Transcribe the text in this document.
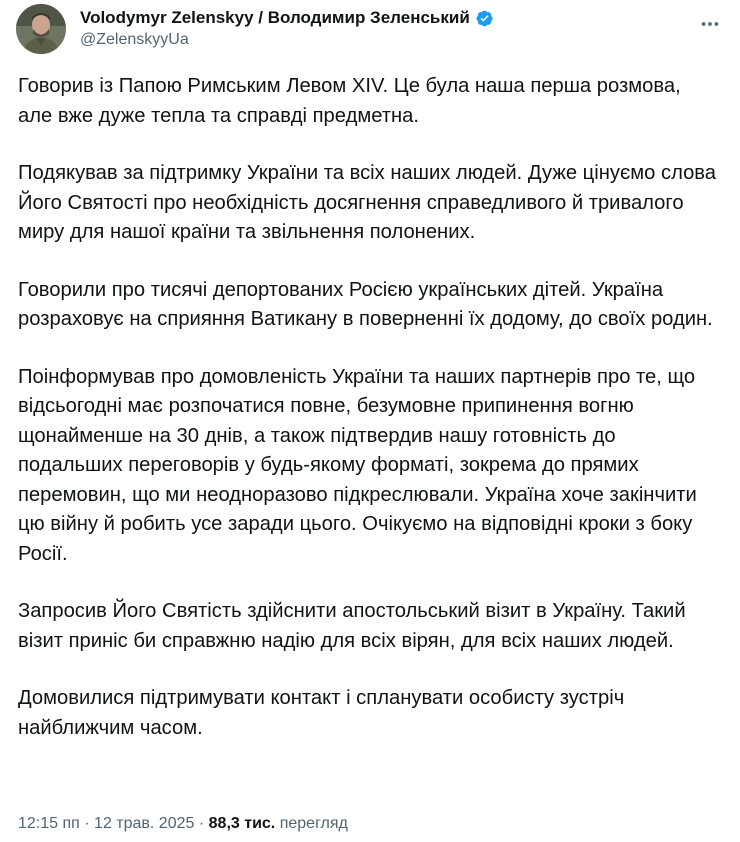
Volodymyr Zelenskyy / Володимир Зеленський
@ZelenskyyUa

Говорив із Папою Римським Левом XIV. Це була наша перша розмова, але вже дуже тепла та справді предметна.

Подякував за підтримку України та всіх наших людей. Дуже цінуємо слова Його Святості про необхідність досягнення справедливого й тривалого миру для нашої країни та звільнення полонених.

Говорили про тисячі депортованих Росією українських дітей. Україна розраховує на сприяння Ватикану в поверненні їх додому, до своїх родин.

Поінформував про домовленість України та наших партнерів про те, що відсьогодні має розпочатися повне, безумовне припинення вогню щонайменше на 30 днів, а також підтвердив нашу готовність до подальших переговорів у будь-якому форматі, зокрема до прямих перемовин, що ми неодноразово підкреслювали. Україна хоче закінчити цю війну й робить усе заради цього. Очікуємо на відповідні кроки з боку Росії.

Запросив Його Святість здійснити апостольський візит в Україну. Такий візит приніс би справжню надію для всіх вірян, для всіх наших людей.

Домовилися підтримувати контакт і спланувати особисту зустріч найближчим часом.

12:15 пп · 12 трав. 2025 · 88,3 тис. перегляд
